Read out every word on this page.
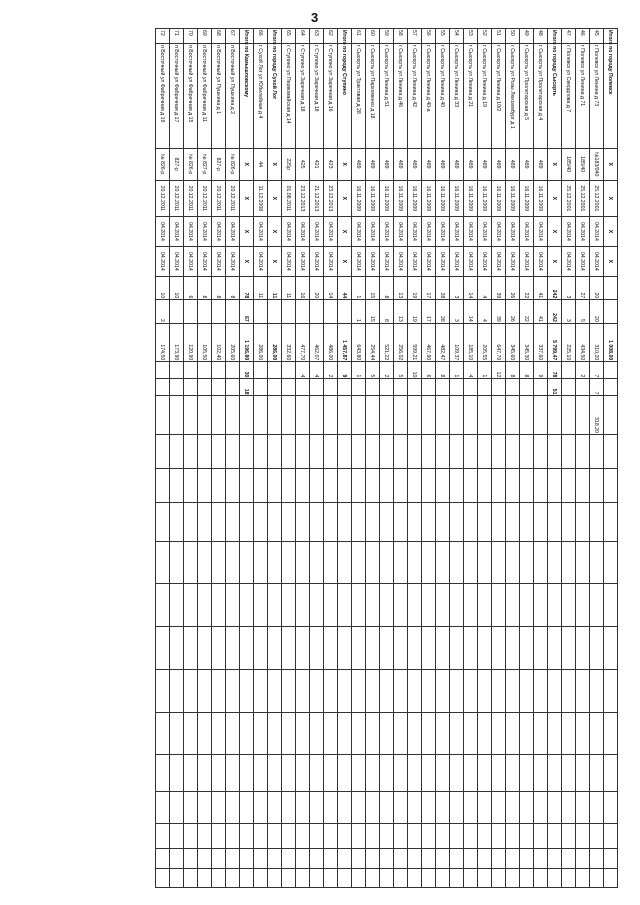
3
Итого по городу Полевск		Х	Х	Х	Х			1 008,00																
45	г Полевск ул Ленина д 73	№183/040	25.12.2001	04.2014	04.2014	20	20	310,20	7	7	318,20													
46	г Полевск ул Ленина д 71	185/40	25.12.2001	04.2014	04.2014	27	5	434,50	2															
47	г Полевск ул Свердлова д 7	185/40	25.12.2001	04.2014	04.2014	3	3	225,10																
Итого по городу Сысерть		Х	Х	Х	Х	242	242	5 799,47	78	51														
48	г Сысерть ул Пролетарская д 4	489	16.11.2009	04.2014	04.2014	41	41	337,60	9															
49	г Сысерть ул Пролетарская д 5	489	16.11.2009	04.2014	04.2014	22	22	345,30	8															
50	г Сысерть ул Розы Люксембург д 1	489	16.11.2009	04.2014	04.2014	26	26	345,60	8															
51	г Сысерть ул Ленина д 10/2	489	16.11.2009	04.2014	04.2014	39	39	647,70	12															
52	г Сысерть ул Ленина д 19	489	16.11.2009	04.2014	04.2014	4	4	205,55	1															
53	г Сысерть ул Ленина д 21	489	16.11.2009	04.2014	04.2014	14	14	185,10	4															
54	г Сысерть ул Ленина д 33	489	16.11.2009	04.2014	04.2014	3	3	109,37	1															
55	г Сысерть ул Ленина д 40	489	16.11.2009	04.2014	04.2014	28	28	482,47	8															
56	г Сысерть ул Ленина д 40-а	489	16.11.2009	04.2014	04.2014	17	17	467,90	6															
57	г Сысерть ул Ленина д 42	489	16.11.2009	04.2014	04.2014	19	19	599,21	10															
58	г Сысерть ул Ленина д 46	489	16.11.2009	04.2014	04.2014	13	13	256,02	5															
59	г Сысерть ул Ленина д 51	489	16.11.2009	04.2014	04.2014	8	8	521,22	2															
60	г Сысерть ул Пархоменко д 18	489	16.11.2009	04.2014	04.2014	15	15	254,44	5															
61	г Сысерть ул Трактовая д 28	489	16.11.2009	04.2014	04.2014	1	1	643,80	1															
Итого по городу Ступино		Х	Х	Х	Х	44		1 457,87	9															
62	г Ступино ул Заречная д 16	423	23.12.2013	04.2014	04.2014	14		486,00	2															
63	г Ступино ул Заречная д 18	421	21.12.2013	04.2014	04.2014	20		462,07	4															
64	г Ступино ул Заречная д 18	425	23.12.2013	04.2014	04.2014	16		477,70	4															
65	г Ступино ул Первомайская д 14	225р	01.08.2011	04.2014	04.2014	11		332,60																
Итого по городу Сухой Лог		Х	Х	Х	Х	11		286,00																
66	г Сухой Лог ул Юбилейная д 4	44	11.12.2008	04.2014	04.2014	11		286,00																
Итого по Камышловскому		Х	Х	Х	Х	78	67	1 196,80	30	18														
67	п Восточный ул Пушкина д 2	№ 826-р	20.12.2011	04.2014	04.2014	8		205,60																
68	п Восточный ул Пушкина д 1	827-р	20.12.2011	04.2014	04.2014	8		102,40																
69	п Восточный ул Фабричная д 11	№ 827-р	20.12.2011	04.2014	04.2014	8		105,50																
70	п Восточный ул Фабричная д 15	№ 826-р	20.12.2011	04.2014	04.2014	6		120,90																
71	п Восточный ул Фабричная д 17	827-р	20.12.2011	04.2014	04.2014	10		173,90																
72	п Восточный ул Фабричная д 19	№ 826-р	20.12.2011	04.2014	04.2014	10	2	174,50																
